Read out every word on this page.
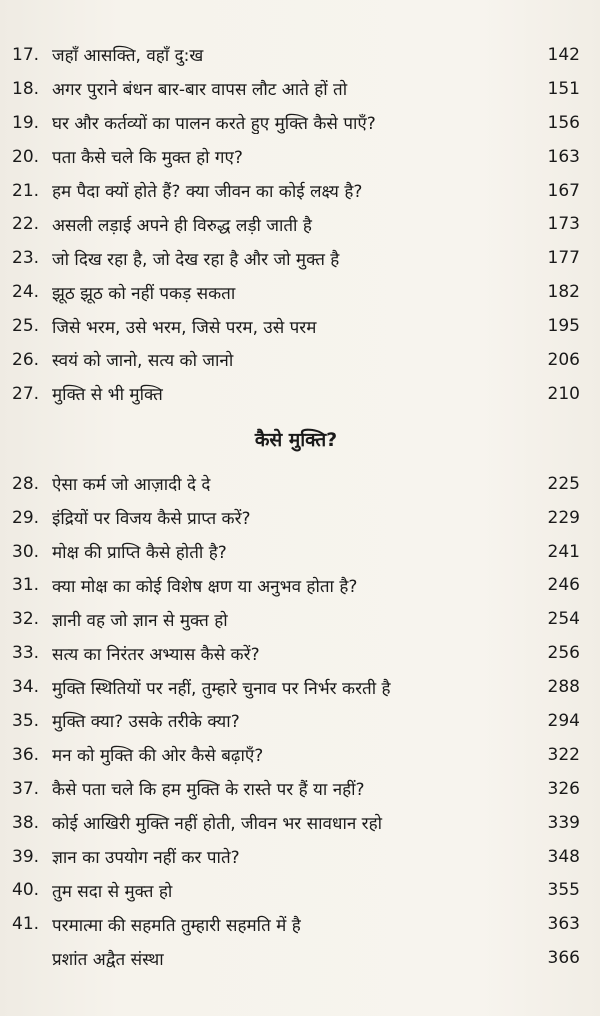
17. जहाँ आसक्ति, वहाँ दु:ख	142
18. अगर पुराने बंधन बार-बार वापस लौट आते हों तो	151
19. घर और कर्तव्यों का पालन करते हुए मुक्ति कैसे पाएँ?	156
20. पता कैसे चले कि मुक्त हो गए?	163
21. हम पैदा क्यों होते हैं? क्या जीवन का कोई लक्ष्य है?	167
22. असली लड़ाई अपने ही विरुद्ध लड़ी जाती है	173
23. जो दिख रहा है, जो देख रहा है और जो मुक्त है	177
24. झूठ झूठ को नहीं पकड़ सकता	182
25. जिसे भरम, उसे भरम, जिसे परम, उसे परम	195
26. स्वयं को जानो, सत्य को जानो	206
27. मुक्ति से भी मुक्ति	210
कैसे मुक्ति?
28. ऐसा कर्म जो आज़ादी दे दे	225
29. इंद्रियों पर विजय कैसे प्राप्त करें?	229
30. मोक्ष की प्राप्ति कैसे होती है?	241
31. क्या मोक्ष का कोई विशेष क्षण या अनुभव होता है?	246
32. ज्ञानी वह जो ज्ञान से मुक्त हो	254
33. सत्य का निरंतर अभ्यास कैसे करें?	256
34. मुक्ति स्थितियों पर नहीं, तुम्हारे चुनाव पर निर्भर करती है	288
35. मुक्ति क्या? उसके तरीके क्या?	294
36. मन को मुक्ति की ओर कैसे बढ़ाएँ?	322
37. कैसे पता चले कि हम मुक्ति के रास्ते पर हैं या नहीं?	326
38. कोई आखिरी मुक्ति नहीं होती, जीवन भर सावधान रहो	339
39. ज्ञान का उपयोग नहीं कर पाते?	348
40. तुम सदा से मुक्त हो	355
41. परमात्मा की सहमति तुम्हारी सहमति में है	363
प्रशांत अद्वैत संस्था	366
